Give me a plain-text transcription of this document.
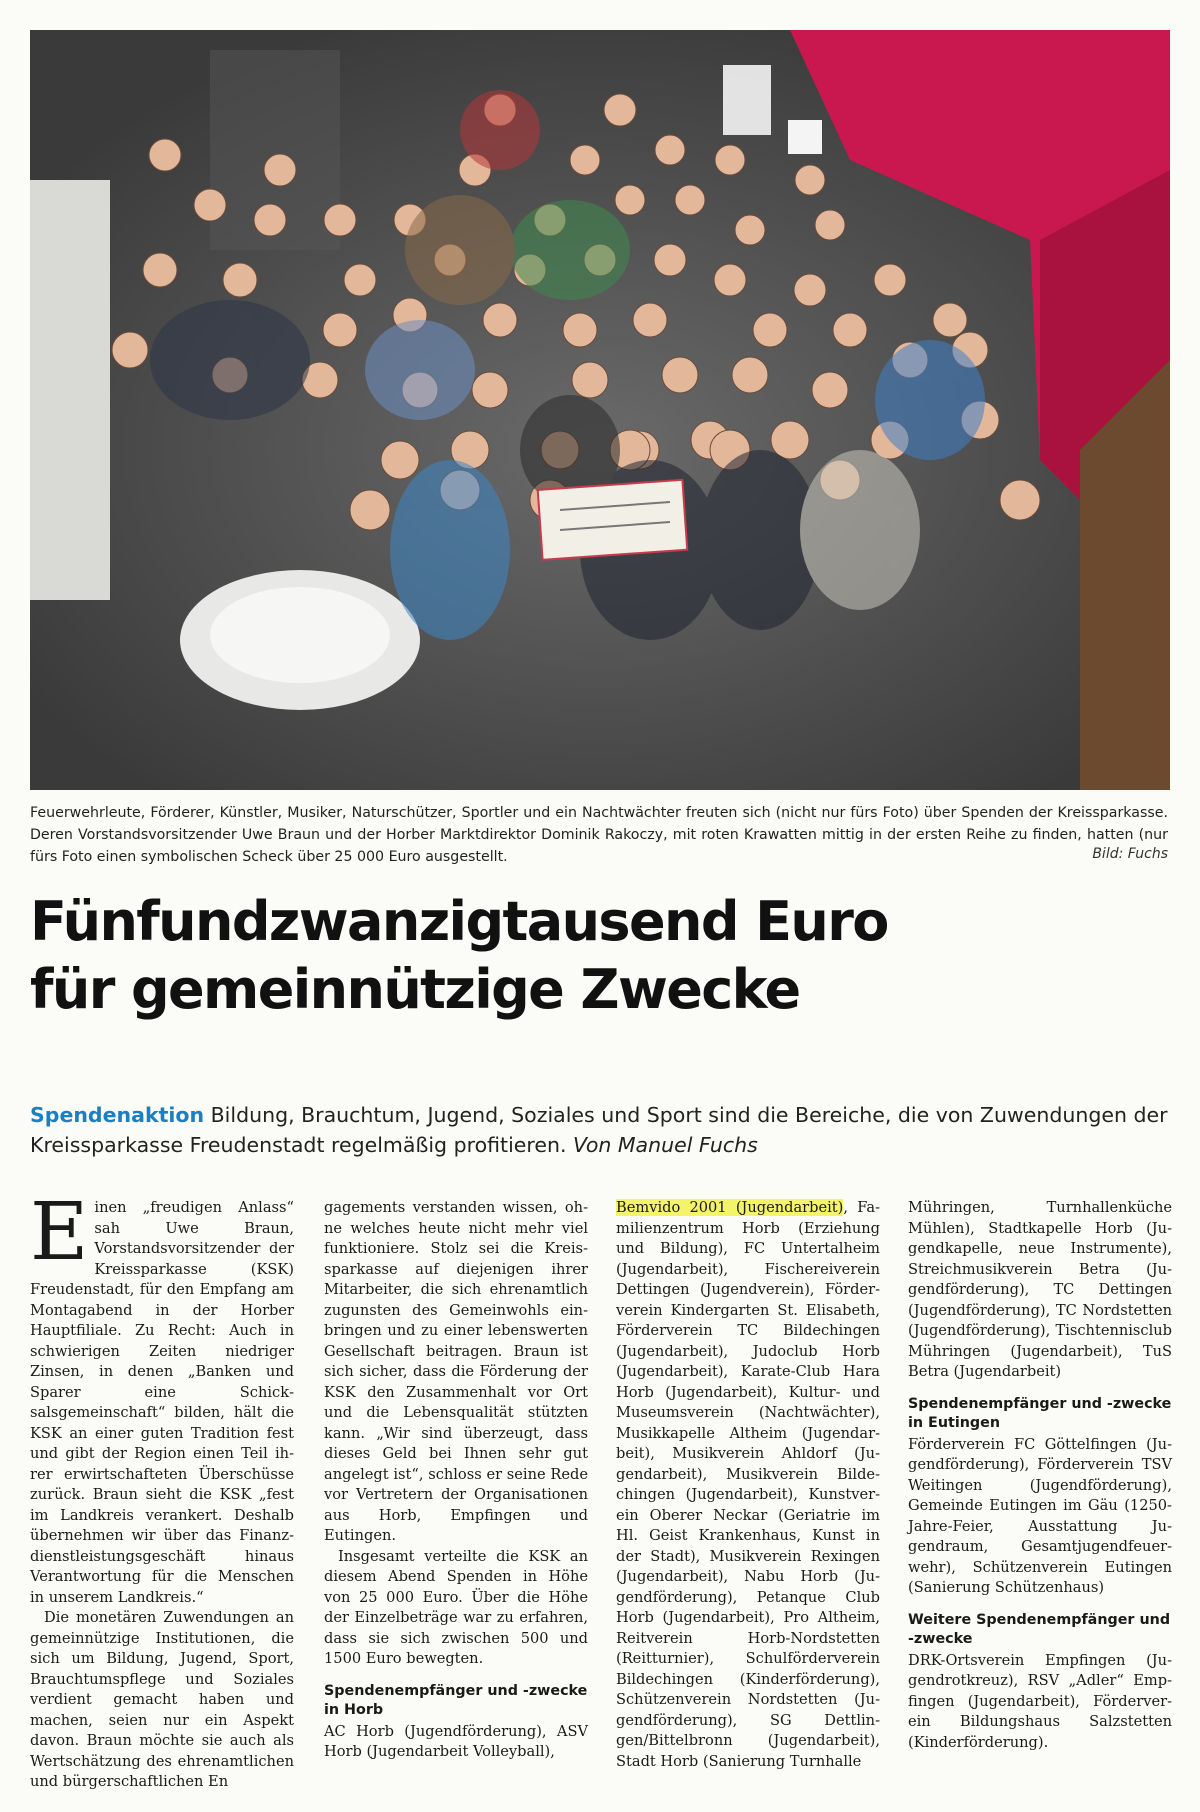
Feuerwehrleute, Förderer, Künstler, Musiker, Naturschützer, Sportler und ein Nachtwächter freuten sich (nicht nur fürs Foto) über Spenden der Kreissparkasse. Deren Vorstandsvorsitzender Uwe Braun und der Horber Marktdirektor Dominik Rakoczy, mit roten Krawatten mittig in der ersten Reihe zu finden, hatten (nur fürs Foto einen symbolischen Scheck über 25 000 Euro ausgestellt.	Bild: Fuchs
Fünfundzwanzigtausend Euro
für gemeinnützige Zwecke
Spendenaktion Bildung, Brauchtum, Jugend, Soziales und Sport sind die Bereiche, die von Zuwendungen der Kreissparkasse Freudenstadt regelmäßig profitieren. Von Manuel Fuchs

Einen „freudigen Anlass“ sah Uwe Braun, Vorstandsvorsitzender der Kreissparkasse (KSK) Freudenstadt, für den Empfang am Montagabend in der Horber Hauptfiliale. Zu Recht: Auch in schwierigen Zeiten niedriger Zinsen, in denen „Banken und Sparer eine Schicksalsgemeinschaft“ bilden, hält die KSK an einer guten Tradition fest und gibt der Region einen Teil ihrer erwirtschafteten Überschüsse zurück. Braun sieht die KSK „fest im Landkreis verankert. Deshalb übernehmen wir über das Finanzdienstleistungsgeschäft hinaus Verantwortung für die Menschen in unserem Landkreis.“

Die monetären Zuwendungen an gemeinnützige Institutionen, die sich um Bildung, Jugend, Sport, Brauchtumspflege und Soziales verdient gemacht haben und machen, seien nur ein Aspekt davon. Braun möchte sie auch als Wertschätzung des ehrenamtlichen und bürgerschaftlichen En

gagements verstanden wissen, ohne welches heute nicht mehr viel funktioniere. Stolz sei die Kreissparkasse auf diejenigen ihrer Mitarbeiter, die sich ehrenamtlich zugunsten des Gemeinwohls einbringen und zu einer lebenswerten Gesellschaft beitragen. Braun ist sich sicher, dass die Förderung der KSK den Zusammenhalt vor Ort und die Lebensqualität stützten kann. „Wir sind überzeugt, dass dieses Geld bei Ihnen sehr gut angelegt ist“, schloss er seine Rede vor Vertretern der Organisationen aus Horb, Empfingen und Eutingen.

Insgesamt verteilte die KSK an diesem Abend Spenden in Höhe von 25 000 Euro. Über die Höhe der Einzelbeträge war zu erfahren, dass sie sich zwischen 500 und 1500 Euro bewegten.

Spendenempfänger und -zwecke in Horb

AC Horb (Jugendförderung), ASV Horb (Jugendarbeit Volleyball),

Bemvido 2001 (Jugendarbeit), Familienzentrum Horb (Erziehung und Bildung), FC Untertalheim (Jugendarbeit), Fischereiverein Dettingen (Jugendverein), Förderverein Kindergarten St. Elisabeth, Förderverein TC Bildechingen (Jugendarbeit), Judoclub Horb (Jugendarbeit), Karate-Club Hara Horb (Jugendarbeit), Kultur- und Museumsverein (Nachtwächter), Musikkapelle Altheim (Jugendarbeit), Musikverein Ahldorf (Jugendarbeit), Musikverein Bildechingen (Jugendarbeit), Kunstverein Oberer Neckar (Geriatrie im Hl. Geist Krankenhaus, Kunst in der Stadt), Musikverein Rexingen (Jugendarbeit), Nabu Horb (Jugendförderung), Petanque Club Horb (Jugendarbeit), Pro Altheim, Reitverein Horb-Nordstetten (Reitturnier), Schulförderverein Bildechingen (Kinderförderung), Schützenverein Nordstetten (Jugendförderung), SG Dettlingen/Bittelbronn (Jugendarbeit), Stadt Horb (Sanierung Turnhalle

Mühringen, Turnhallenküche Mühlen), Stadtkapelle Horb (Jugendkapelle, neue Instrumente), Streichmusikverein Betra (Jugendförderung), TC Dettingen (Jugendförderung), TC Nordstetten (Jugendförderung), Tischtennisclub Mühringen (Jugendarbeit), TuS Betra (Jugendarbeit)

Spendenempfänger und -zwecke in Eutingen

Förderverein FC Göttelfingen (Jugendförderung), Förderverein TSV Weitingen (Jugendförderung), Gemeinde Eutingen im Gäu (1250-Jahre-Feier, Ausstattung Jugendraum, Gesamtjugendfeuerwehr), Schützenverein Eutingen (Sanierung Schützenhaus)

Weitere Spendenempfänger und -zwecke

DRK-Ortsverein Empfingen (Jugendrotkreuz), RSV „Adler“ Empfingen (Jugendarbeit), Förderverein Bildungshaus Salzstetten (Kinderförderung).
